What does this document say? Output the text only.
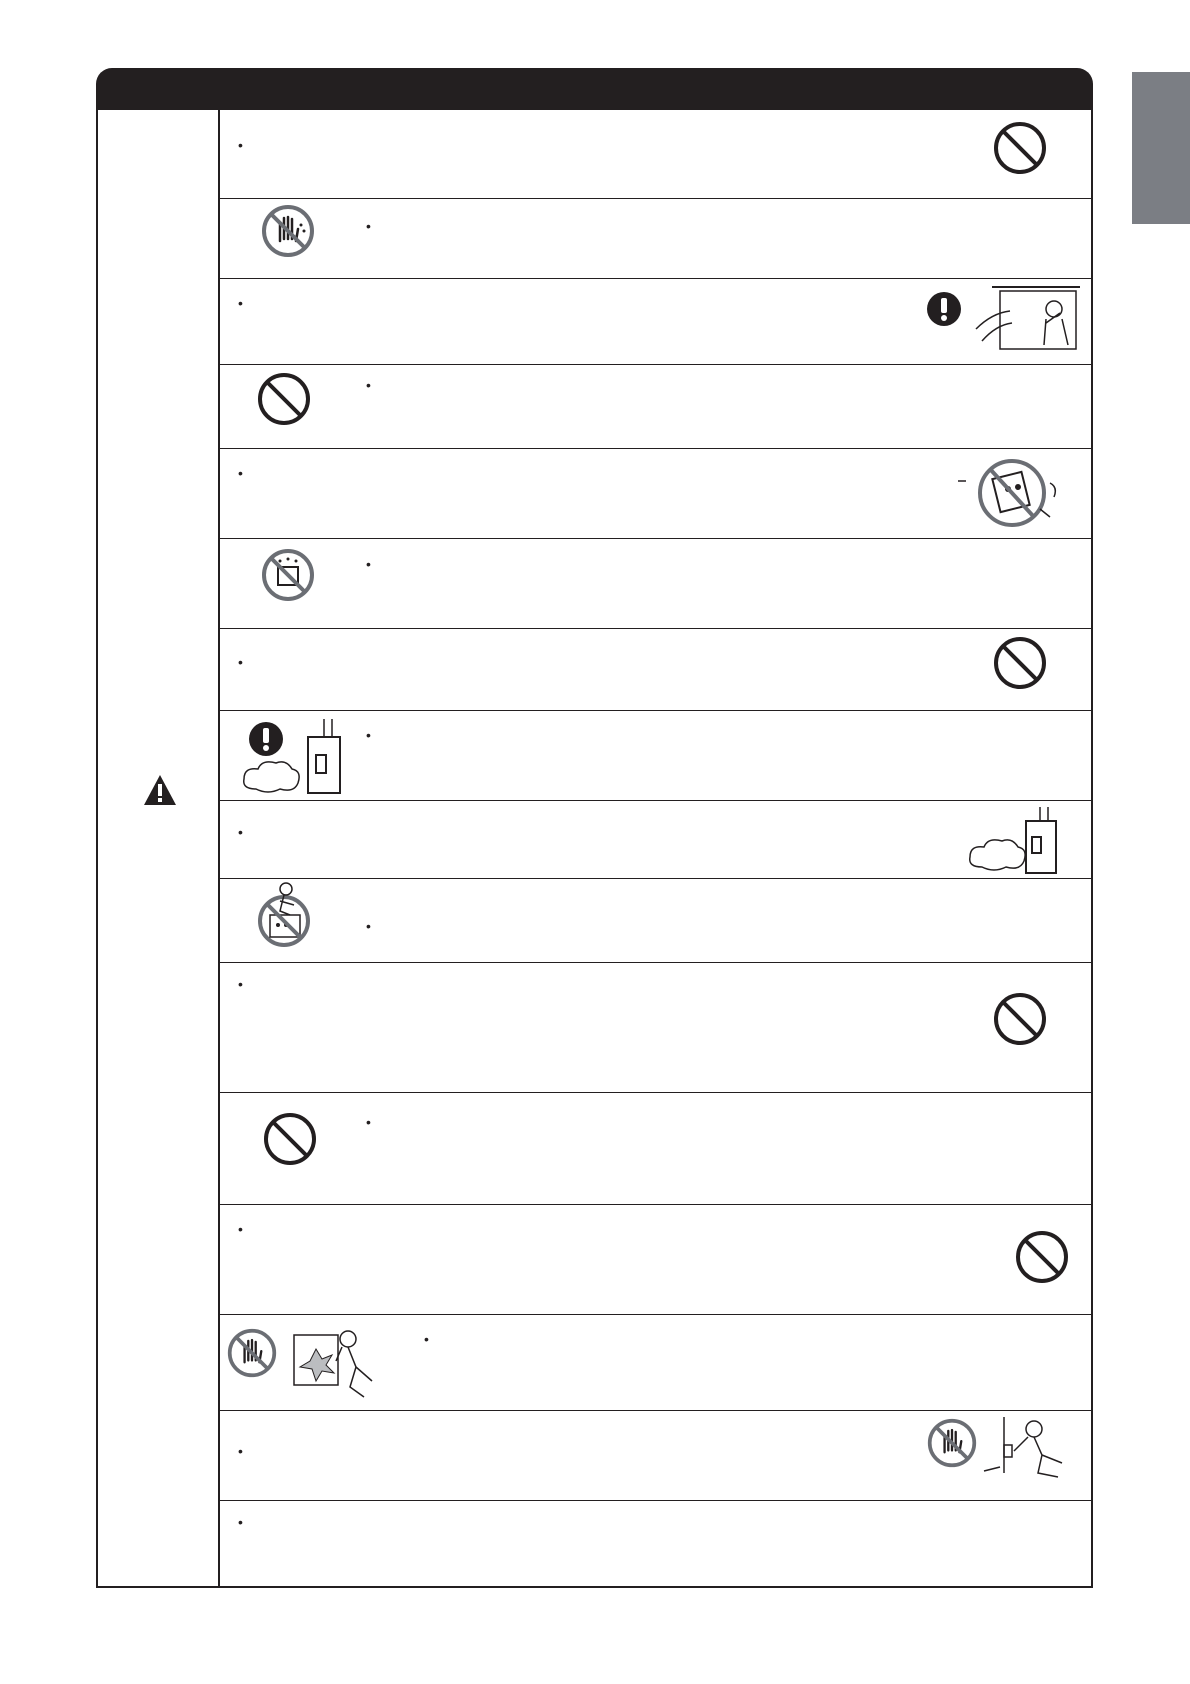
•
•
•
•
•
•
•
•
•
•
•
•
•
•
•
•
